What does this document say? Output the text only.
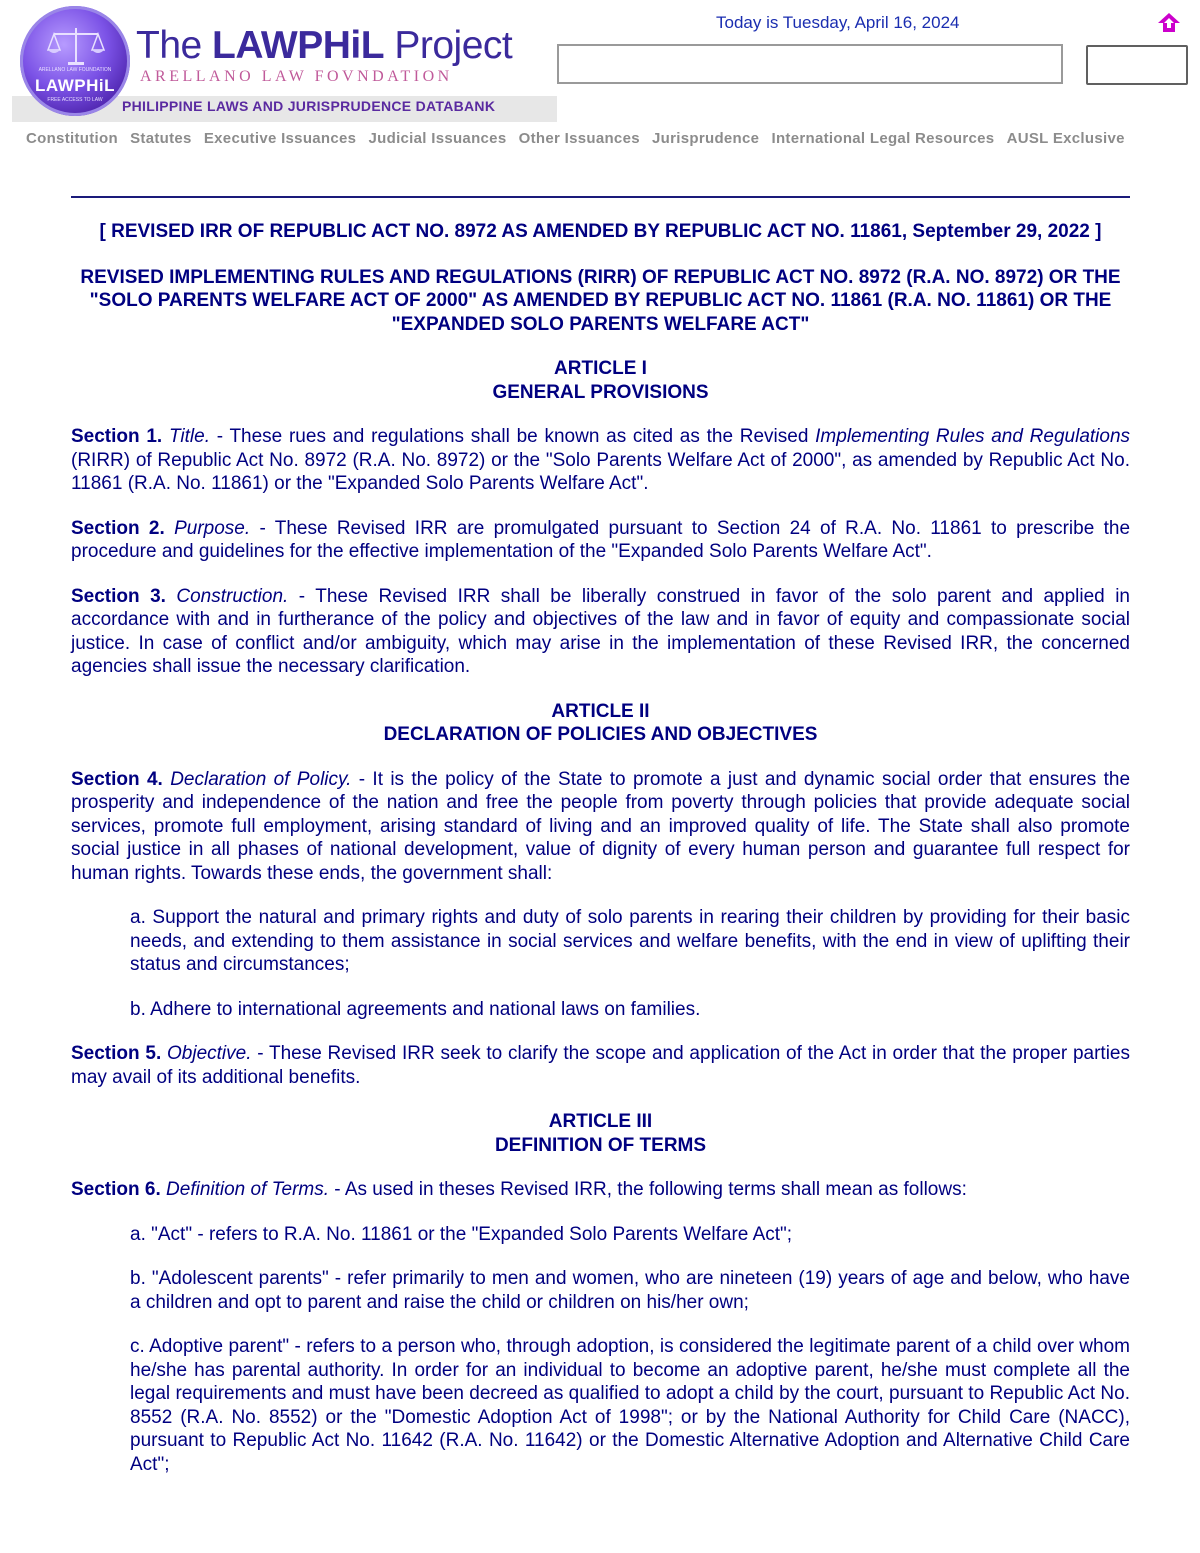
ARELLANO LAW FOUNDATION
LAWPHiL
FREE ACCESS TO LAW
The LAWPHiL Project
ARELLANO LAW FOVNDATION
PHILIPPINE LAWS AND JURISPRUDENCE DATABANK
Today is Tuesday, April 16, 2024
Constitution Statutes Executive Issuances Judicial Issuances Other Issuances Jurisprudence International Legal Resources AUSL Exclusive
[ REVISED IRR OF REPUBLIC ACT NO. 8972 AS AMENDED BY REPUBLIC ACT NO. 11861, September 29, 2022 ]
REVISED IMPLEMENTING RULES AND REGULATIONS (RIRR) OF REPUBLIC ACT NO. 8972 (R.A. NO. 8972) OR THE "SOLO PARENTS WELFARE ACT OF 2000" AS AMENDED BY REPUBLIC ACT NO. 11861 (R.A. NO. 11861) OR THE "EXPANDED SOLO PARENTS WELFARE ACT"
ARTICLE I
GENERAL PROVISIONS
Section 1. Title. - These rues and regulations shall be known as cited as the Revised Implementing Rules and Regulations (RIRR) of Republic Act No. 8972 (R.A. No. 8972) or the "Solo Parents Welfare Act of 2000", as amended by Republic Act No. 11861 (R.A. No. 11861) or the "Expanded Solo Parents Welfare Act".
Section 2. Purpose. - These Revised IRR are promulgated pursuant to Section 24 of R.A. No. 11861 to prescribe the procedure and guidelines for the effective implementation of the "Expanded Solo Parents Welfare Act".
Section 3. Construction. - These Revised IRR shall be liberally construed in favor of the solo parent and applied in accordance with and in furtherance of the policy and objectives of the law and in favor of equity and compassionate social justice. In case of conflict and/or ambiguity, which may arise in the implementation of these Revised IRR, the concerned agencies shall issue the necessary clarification.
ARTICLE II
DECLARATION OF POLICIES AND OBJECTIVES
Section 4. Declaration of Policy. - It is the policy of the State to promote a just and dynamic social order that ensures the prosperity and independence of the nation and free the people from poverty through policies that provide adequate social services, promote full employment, arising standard of living and an improved quality of life. The State shall also promote social justice in all phases of national development, value of dignity of every human person and guarantee full respect for human rights. Towards these ends, the government shall:
a. Support the natural and primary rights and duty of solo parents in rearing their children by providing for their basic needs, and extending to them assistance in social services and welfare benefits, with the end in view of uplifting their status and circumstances;
b. Adhere to international agreements and national laws on families.
Section 5. Objective. - These Revised IRR seek to clarify the scope and application of the Act in order that the proper parties may avail of its additional benefits.
ARTICLE III
DEFINITION OF TERMS
Section 6. Definition of Terms. - As used in theses Revised IRR, the following terms shall mean as follows:
a. "Act" - refers to R.A. No. 11861 or the "Expanded Solo Parents Welfare Act";
b. "Adolescent parents" - refer primarily to men and women, who are nineteen (19) years of age and below, who have a children and opt to parent and raise the child or children on his/her own;
c. Adoptive parent" - refers to a person who, through adoption, is considered the legitimate parent of a child over whom he/she has parental authority. In order for an individual to become an adoptive parent, he/she must complete all the legal requirements and must have been decreed as qualified to adopt a child by the court, pursuant to Republic Act No. 8552 (R.A. No. 8552) or the "Domestic Adoption Act of 1998"; or by the National Authority for Child Care (NACC), pursuant to Republic Act No. 11642 (R.A. No. 11642) or the Domestic Alternative Adoption and Alternative Child Care Act";
